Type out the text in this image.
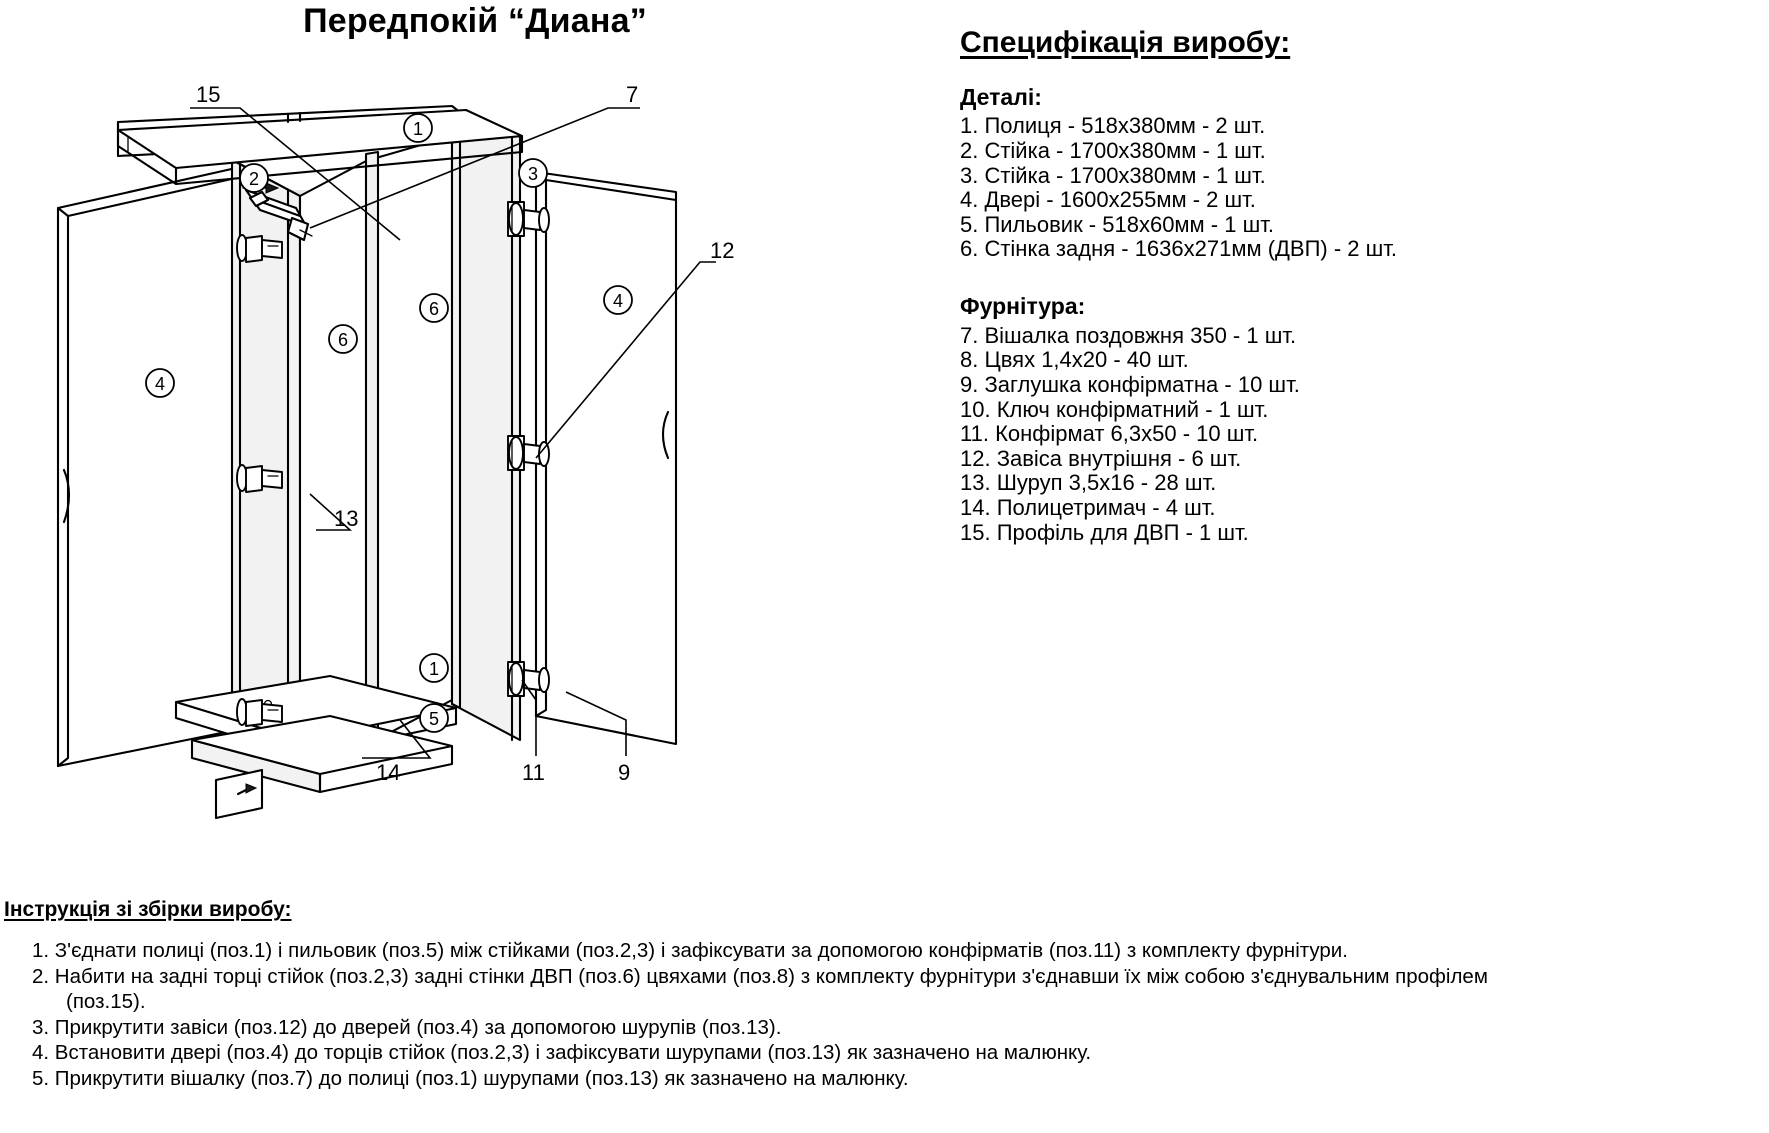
Передпокій “Диана”
15	7
12
13
14	11	9
1
2	3
4
4
6
6
1
5
Специфікація виробу:
Деталі:
1. Полиця - 518х380мм - 2 шт.
2. Стійка - 1700х380мм - 1 шт.
3. Стійка - 1700х380мм - 1 шт.
4. Двері - 1600х255мм - 2 шт.
5. Пильовик - 518х60мм - 1 шт.
6. Стінка задня - 1636х271мм (ДВП) - 2 шт.
Фурнітура:
7. Вішалка поздовжня 350 - 1 шт.
8. Цвях 1,4х20 - 40 шт.
9. Заглушка конфірматна - 10 шт.
10. Ключ конфірматний - 1 шт.
11. Конфірмат 6,3х50 - 10 шт.
12. Завіса внутрішня - 6 шт.
13. Шуруп 3,5х16 - 28 шт.
14. Полицетримач - 4 шт.
15. Профіль для ДВП - 1 шт.
Інструкція зі збірки виробу:
1. З'єднати полиці (поз.1) і пильовик (поз.5) між стійками (поз.2,3) і зафіксувати за допомогою конфірматів (поз.11) з комплекту фурнітури.
2. Набити на задні торці стійок (поз.2,3) задні стінки ДВП (поз.6) цвяхами (поз.8) з комплекту фурнітури з'єднавши їх між собою з'єднувальним профілем
(поз.15).
3. Прикрутити завіси (поз.12) до дверей (поз.4) за допомогою шурупів (поз.13).
4. Встановити двері (поз.4) до торців стійок (поз.2,3) і зафіксувати шурупами (поз.13) як зазначено на малюнку.
5. Прикрутити вішалку (поз.7) до полиці (поз.1) шурупами (поз.13) як зазначено на малюнку.
